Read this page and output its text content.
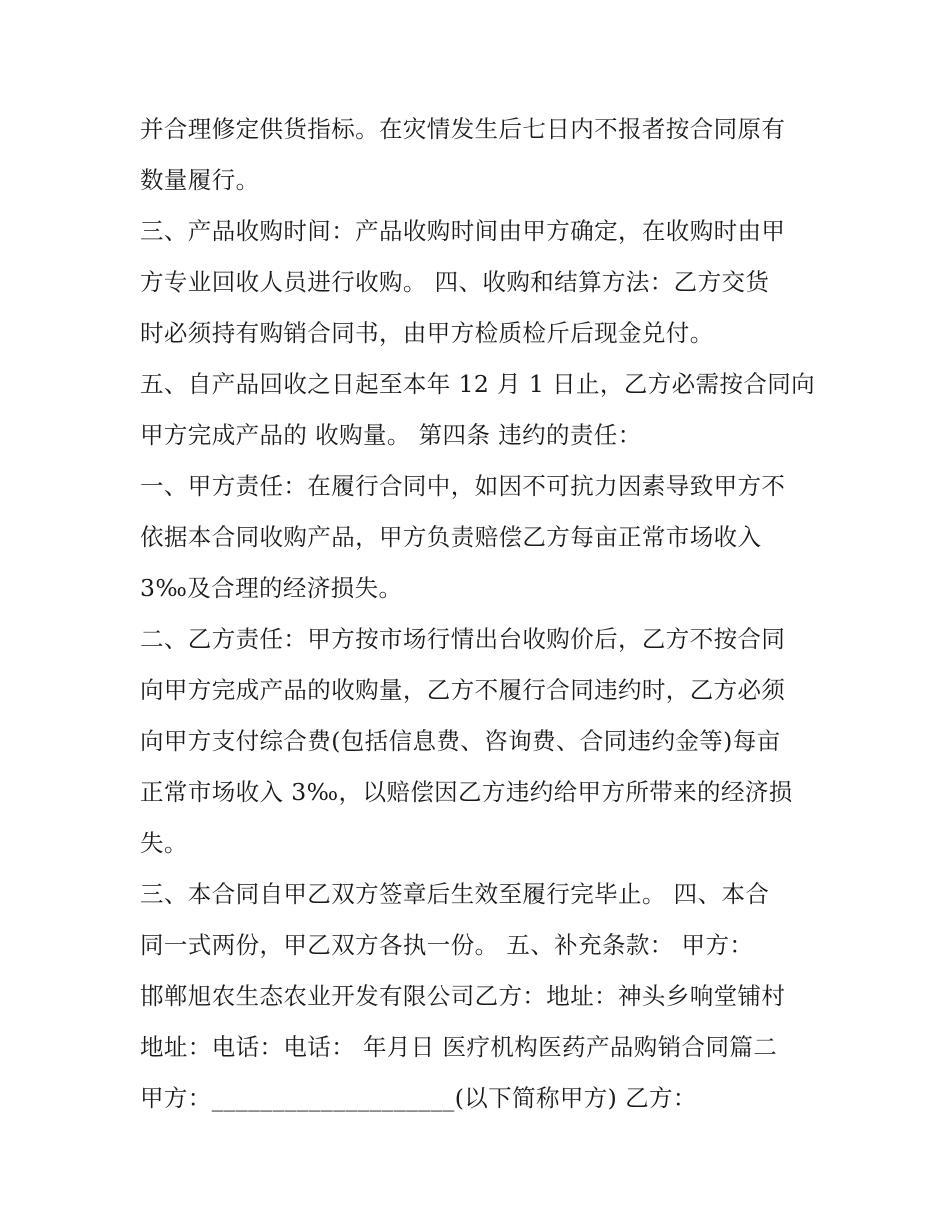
并合理修定供货指标。在灾情发生后七日内不报者按合同原有
数量履行。
三、产品收购时间：产品收购时间由甲方确定，在收购时由甲
方专业回收人员进行收购。 四、收购和结算方法：乙方交货
时必须持有购销合同书，由甲方检质检斤后现金兑付。
五、自产品回收之日起至本年 12 月 1 日止，乙方必需按合同向
甲方完成产品的 收购量。 第四条 违约的责任：
一、甲方责任：在履行合同中，如因不可抗力因素导致甲方不
依据本合同收购产品，甲方负责赔偿乙方每亩正常市场收入
3‰及合理的经济损失。
二、乙方责任：甲方按市场行情出台收购价后，乙方不按合同
向甲方完成产品的收购量，乙方不履行合同违约时，乙方必须
向甲方支付综合费(包括信息费、咨询费、合同违约金等)每亩
正常市场收入 3‰，以赔偿因乙方违约给甲方所带来的经济损
失。
三、本合同自甲乙双方签章后生效至履行完毕止。 四、本合
同一式两份，甲乙双方各执一份。 五、补充条款： 甲方：
邯郸旭农生态农业开发有限公司乙方：地址：神头乡响堂铺村
地址：电话：电话： 年月日 医疗机构医药产品购销合同篇二
甲方：____________________(以下简称甲方) 乙方：
